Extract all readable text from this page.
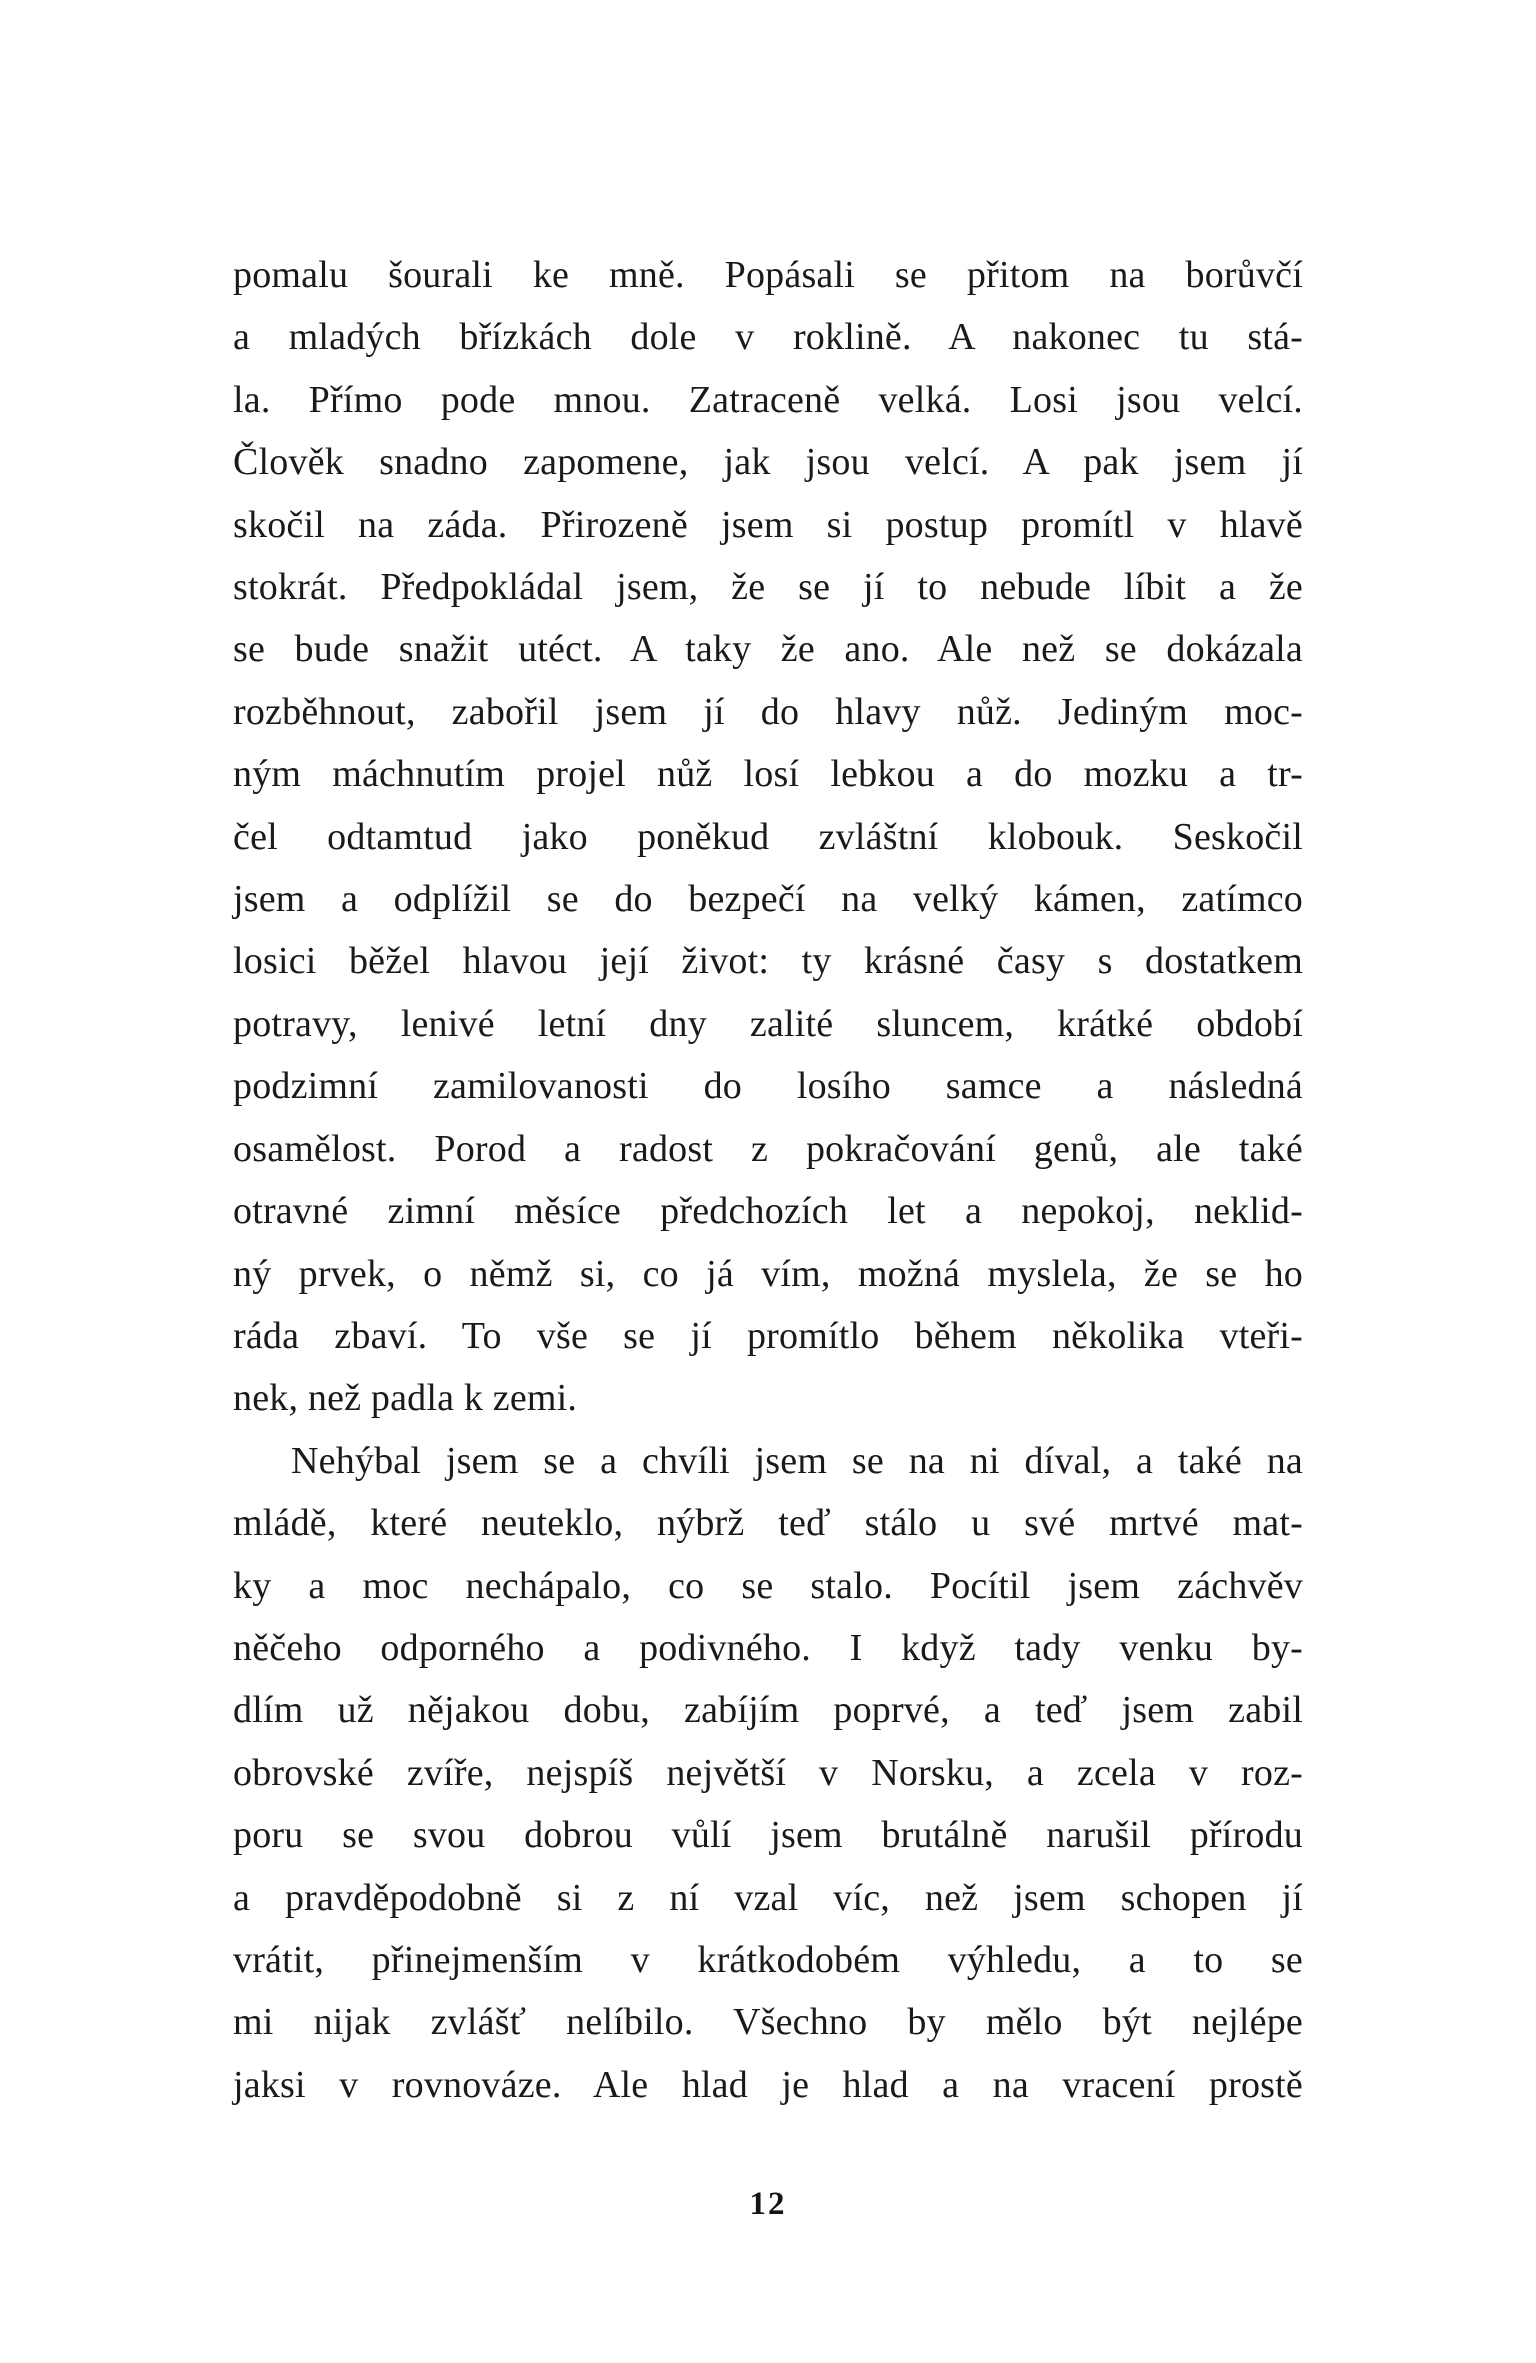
pomalu šourali ke mně. Popásali se přitom na borůvčí
a mladých břízkách dole v roklině. A nakonec tu stá-
la. Přímo pode mnou. Zatraceně velká. Losi jsou velcí.
Člověk snadno zapomene, jak jsou velcí. A pak jsem jí
skočil na záda. Přirozeně jsem si postup promítl v hlavě
stokrát. Předpokládal jsem, že se jí to nebude líbit a že
se bude snažit utéct. A taky že ano. Ale než se dokázala
rozběhnout, zabořil jsem jí do hlavy nůž. Jediným moc-
ným máchnutím projel nůž losí lebkou a do mozku a tr-
čel odtamtud jako poněkud zvláštní klobouk. Seskočil
jsem a odplížil se do bezpečí na velký kámen, zatímco
losici běžel hlavou její život: ty krásné časy s dostatkem
potravy, lenivé letní dny zalité sluncem, krátké období
podzimní zamilovanosti do losího samce a následná
osamělost. Porod a radost z pokračování genů, ale také
otravné zimní měsíce předchozích let a nepokoj, neklid-
ný prvek, o němž si, co já vím, možná myslela, že se ho
ráda zbaví. To vše se jí promítlo během několika vteři-
nek, než padla k zemi.
Nehýbal jsem se a chvíli jsem se na ni díval, a také na
mládě, které neuteklo, nýbrž teď stálo u své mrtvé mat-
ky a moc nechápalo, co se stalo. Pocítil jsem záchvěv
něčeho odporného a podivného. I když tady venku by-
dlím už nějakou dobu, zabíjím poprvé, a teď jsem zabil
obrovské zvíře, nejspíš největší v Norsku, a zcela v roz-
poru se svou dobrou vůlí jsem brutálně narušil přírodu
a pravděpodobně si z ní vzal víc, než jsem schopen jí
vrátit, přinejmenším v krátkodobém výhledu, a to se
mi nijak zvlášť nelíbilo. Všechno by mělo být nejlépe
jaksi v rovnováze. Ale hlad je hlad a na vracení prostě
12
